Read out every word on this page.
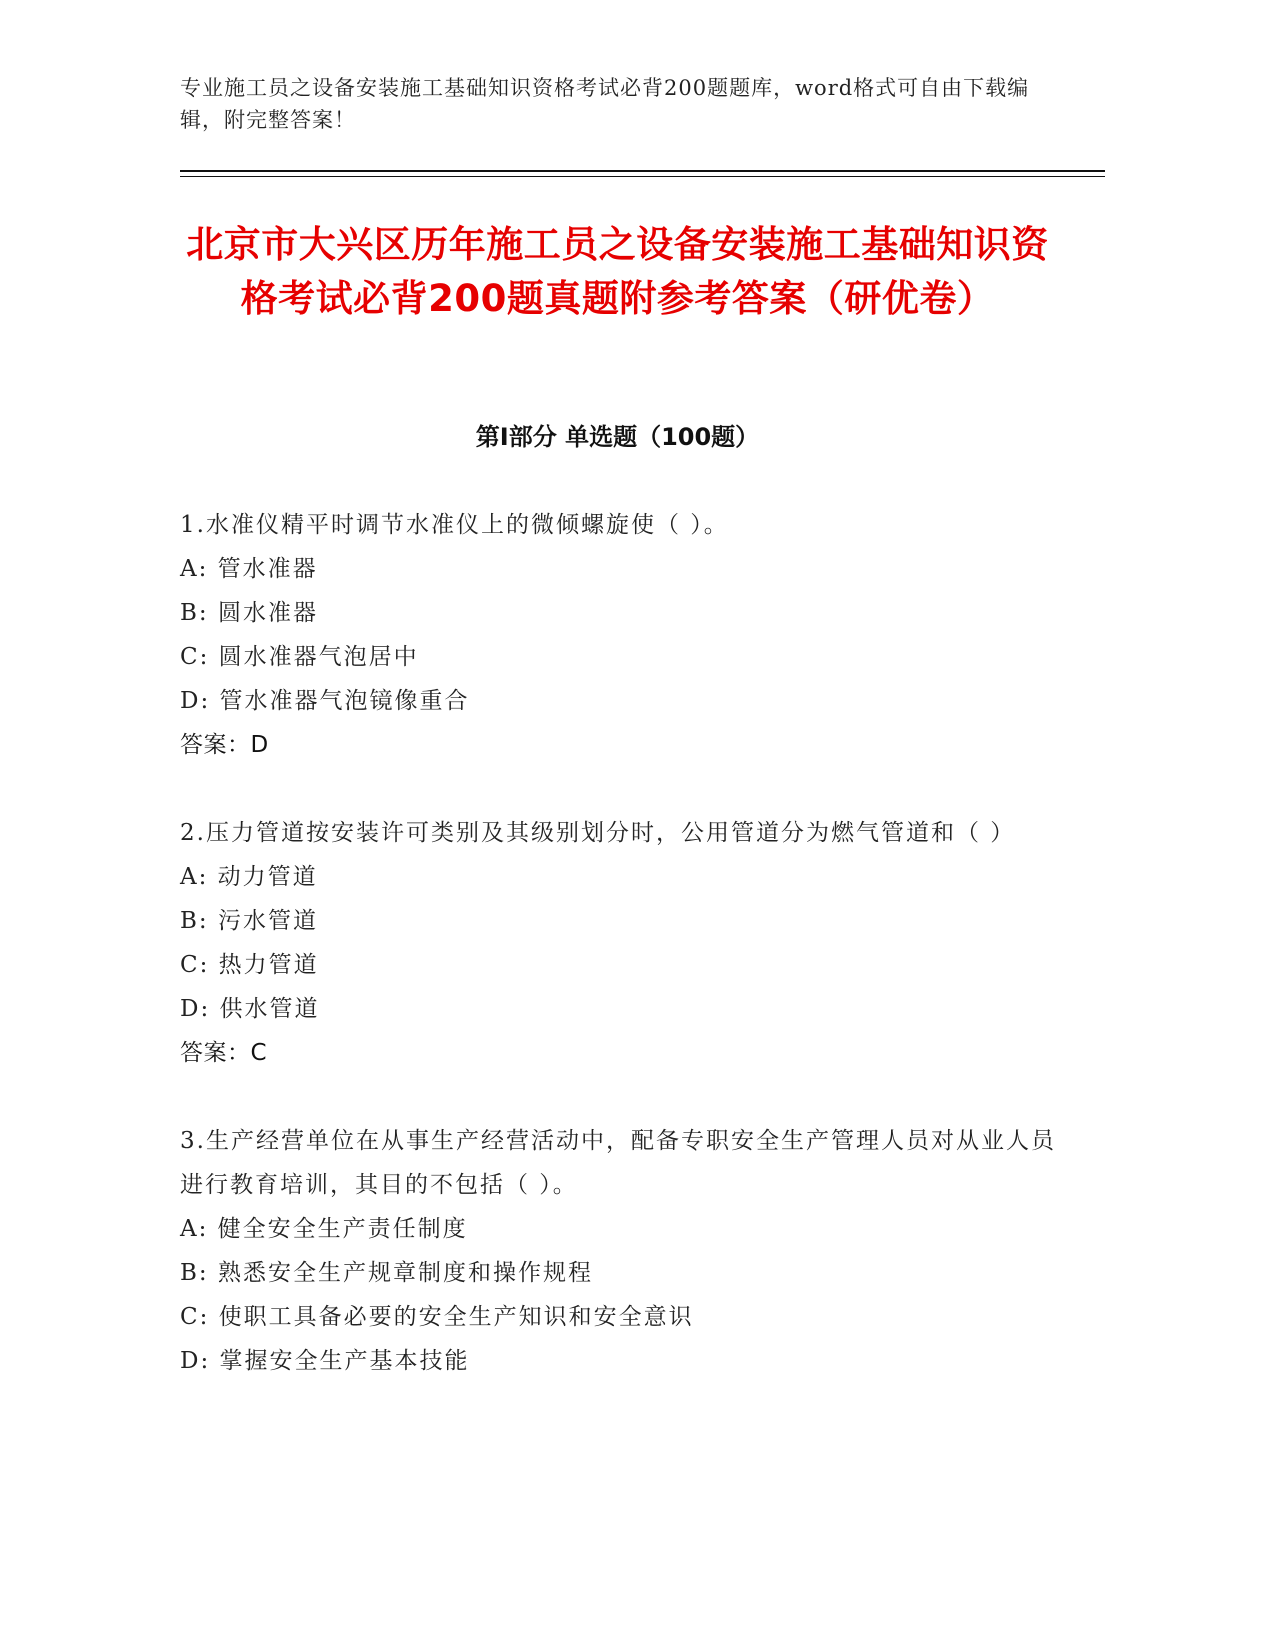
专业施工员之设备安装施工基础知识资格考试必背200题题库，word格式可自由下载编辑，附完整答案！
北京市大兴区历年施工员之设备安装施工基础知识资格考试必背200题真题附参考答案（研优卷）
第Ⅰ部分 单选题（100题）
1.水准仪精平时调节水准仪上的微倾螺旋使（ ）。
A: 管水准器
B: 圆水准器
C: 圆水准器气泡居中
D: 管水准器气泡镜像重合
答案：D
2.压力管道按安装许可类别及其级别划分时，公用管道分为燃气管道和（ ）
A: 动力管道
B: 污水管道
C: 热力管道
D: 供水管道
答案：C
3.生产经营单位在从事生产经营活动中，配备专职安全生产管理人员对从业人员进行教育培训，其目的不包括（ ）。
A: 健全安全生产责任制度
B: 熟悉安全生产规章制度和操作规程
C: 使职工具备必要的安全生产知识和安全意识
D: 掌握安全生产基本技能
